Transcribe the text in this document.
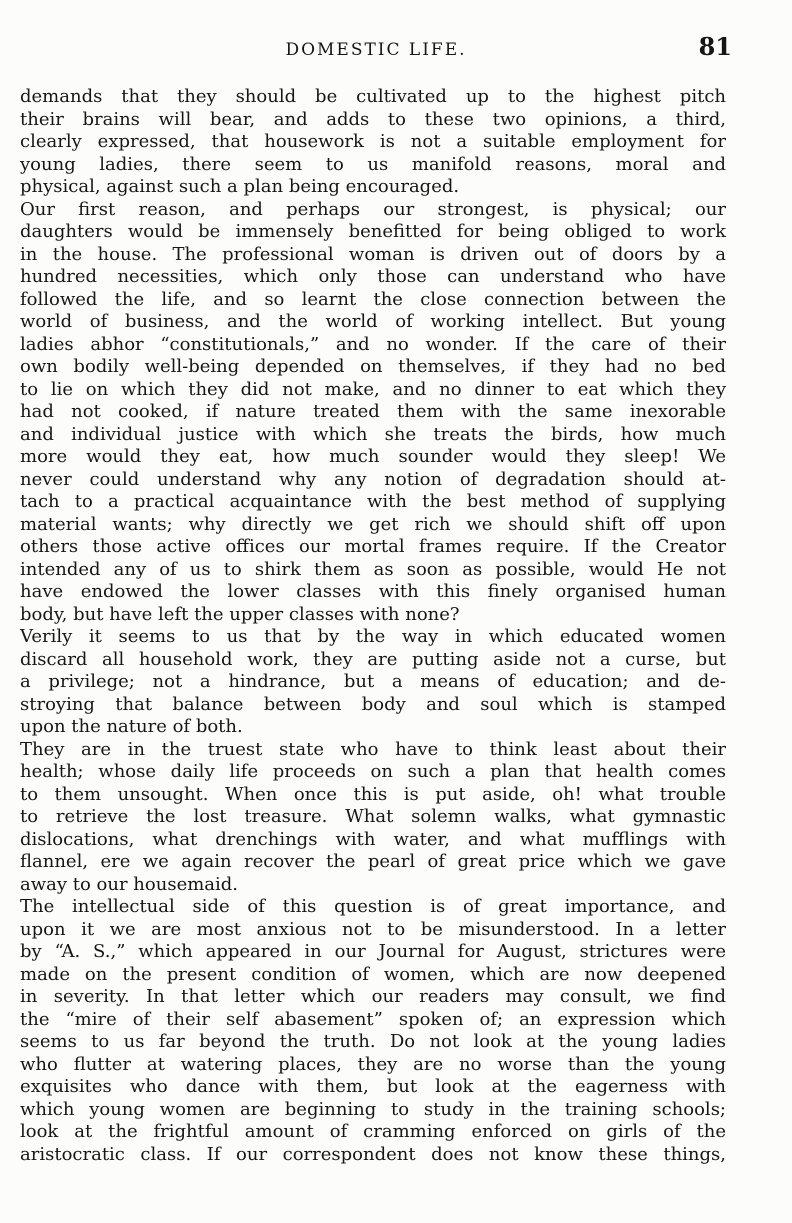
DOMESTIC LIFE.	81
demands that they should be cultivated up to the highest pitch
their brains will bear, and adds to these two opinions, a third,
clearly expressed, that housework is not a suitable employment for
young ladies, there seem to us manifold reasons, moral and
physical, against such a plan being encouraged.
Our first reason, and perhaps our strongest, is physical; our
daughters would be immensely benefitted for being obliged to work
in the house. The professional woman is driven out of doors by a
hundred necessities, which only those can understand who have
followed the life, and so learnt the close connection between the
world of business, and the world of working intellect. But young
ladies abhor “constitutionals,” and no wonder. If the care of their
own bodily well-being depended on themselves, if they had no bed
to lie on which they did not make, and no dinner to eat which they
had not cooked, if nature treated them with the same inexorable
and individual justice with which she treats the birds, how much
more would they eat, how much sounder would they sleep! We
never could understand why any notion of degradation should at-
tach to a practical acquaintance with the best method of supplying
material wants; why directly we get rich we should shift off upon
others those active offices our mortal frames require. If the Creator
intended any of us to shirk them as soon as possible, would He not
have endowed the lower classes with this finely organised human
body, but have left the upper classes with none?
Verily it seems to us that by the way in which educated women
discard all household work, they are putting aside not a curse, but
a privilege; not a hindrance, but a means of education; and de-
stroying that balance between body and soul which is stamped
upon the nature of both.
They are in the truest state who have to think least about their
health; whose daily life proceeds on such a plan that health comes
to them unsought. When once this is put aside, oh! what trouble
to retrieve the lost treasure. What solemn walks, what gymnastic
dislocations, what drenchings with water, and what mufflings with
flannel, ere we again recover the pearl of great price which we gave
away to our housemaid.
The intellectual side of this question is of great importance, and
upon it we are most anxious not to be misunderstood. In a letter
by “A. S.,” which appeared in our Journal for August, strictures were
made on the present condition of women, which are now deepened
in severity. In that letter which our readers may consult, we find
the “mire of their self abasement” spoken of; an expression which
seems to us far beyond the truth. Do not look at the young ladies
who flutter at watering places, they are no worse than the young
exquisites who dance with them, but look at the eagerness with
which young women are beginning to study in the training schools;
look at the frightful amount of cramming enforced on girls of the
aristocratic class. If our correspondent does not know these things,
